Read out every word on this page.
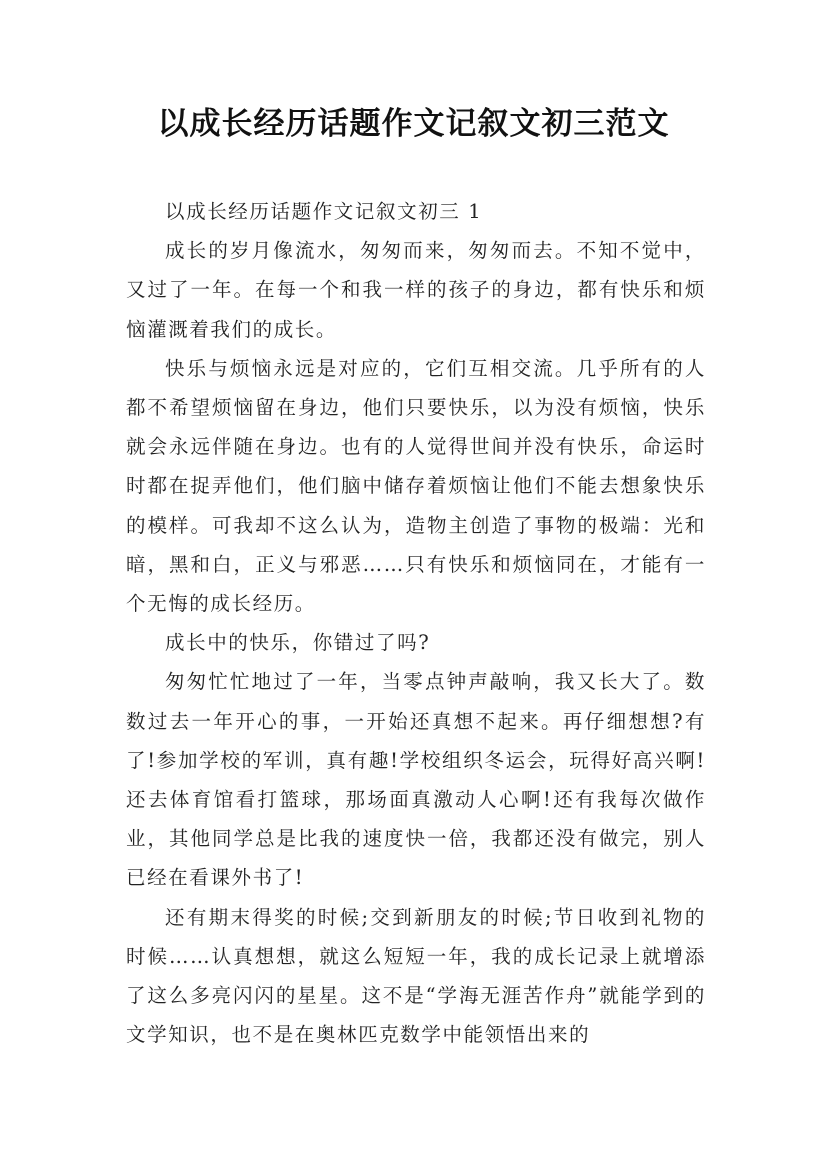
以成长经历话题作文记叙文初三范文

以成长经历话题作文记叙文初三 1

成长的岁月像流水，匆匆而来，匆匆而去。不知不觉中，又过了一年。在每一个和我一样的孩子的身边，都有快乐和烦恼灌溉着我们的成长。

快乐与烦恼永远是对应的，它们互相交流。几乎所有的人都不希望烦恼留在身边，他们只要快乐，以为没有烦恼，快乐就会永远伴随在身边。也有的人觉得世间并没有快乐，命运时时都在捉弄他们，他们脑中储存着烦恼让他们不能去想象快乐的模样。可我却不这么认为，造物主创造了事物的极端：光和暗，黑和白，正义与邪恶……只有快乐和烦恼同在，才能有一个无悔的成长经历。

成长中的快乐，你错过了吗?

匆匆忙忙地过了一年，当零点钟声敲响，我又长大了。数数过去一年开心的事，一开始还真想不起来。再仔细想想?有了!参加学校的军训，真有趣!学校组织冬运会，玩得好高兴啊!还去体育馆看打篮球，那场面真激动人心啊!还有我每次做作业，其他同学总是比我的速度快一倍，我都还没有做完，别人已经在看课外书了!

还有期末得奖的时候;交到新朋友的时候;节日收到礼物的时候……认真想想，就这么短短一年，我的成长记录上就增添了这么多亮闪闪的星星。这不是“学海无涯苦作舟”就能学到的文学知识，也不是在奥林匹克数学中能领悟出来的
